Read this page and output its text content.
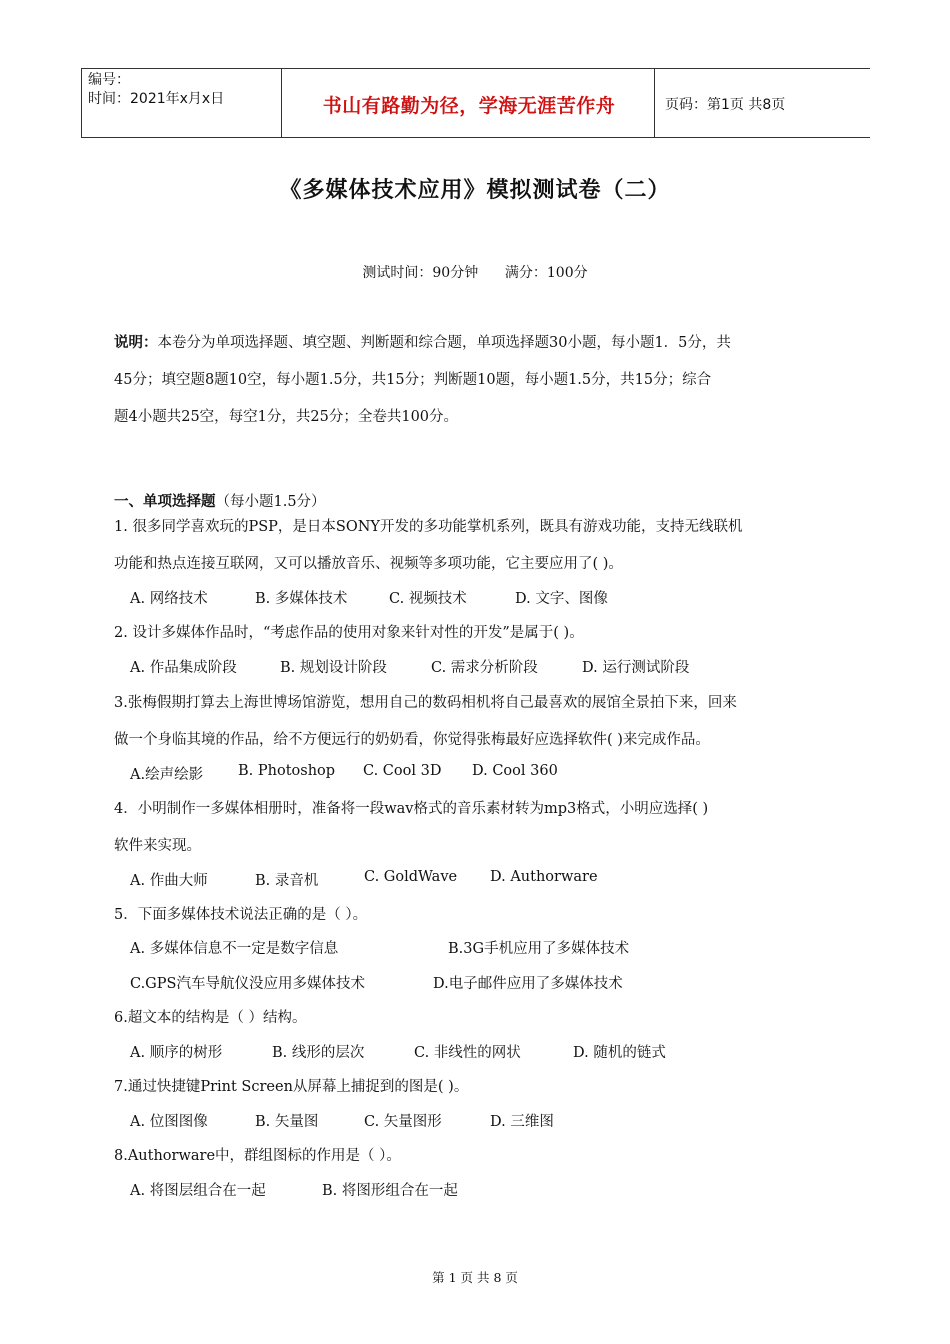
编号：
时间：2021年x月x日	书山有路勤为径，学海无涯苦作舟	页码：第1页 共8页
《多媒体技术应用》模拟测试卷（二）
测试时间：90分钟      满分：100分
说明：本卷分为单项选择题、填空题、判断题和综合题，单项选择题30小题，每小题1．5分，共
45分；填空题8题10空，每小题1.5分，共15分；判断题10题，每小题1.5分，共15分；综合
题4小题共25空，每空1分，共25分；全卷共100分。
一、单项选择题（每小题1.5分）
1. 很多同学喜欢玩的PSP，是日本SONY开发的多功能掌机系列，既具有游戏功能，支持无线联机
功能和热点连接互联网，又可以播放音乐、视频等多项功能，它主要应用了( )。
A. 网络技术	B. 多媒体技术	C. 视频技术	D. 文字、图像
2. 设计多媒体作品时，“考虑作品的使用对象来针对性的开发”是属于( )。
A. 作品集成阶段	B. 规划设计阶段	C. 需求分析阶段	D. 运行测试阶段
3.张梅假期打算去上海世博场馆游览，想用自己的数码相机将自己最喜欢的展馆全景拍下来，回来
做一个身临其境的作品，给不方便远行的奶奶看，你觉得张梅最好应选择软件( )来完成作品。
A.绘声绘影 B. Photoshop C. Cool 3D D. Cool 360
4．小明制作一多媒体相册时，准备将一段wav格式的音乐素材转为mp3格式，小明应选择( )
软件来实现。
A. 作曲大师	B. 录音机	C. GoldWave D. Authorware
5．下面多媒体技术说法正确的是（ ）。
A. 多媒体信息不一定是数字信息	B.3G手机应用了多媒体技术
C.GPS汽车导航仪没应用多媒体技术	D.电子邮件应用了多媒体技术
6.超文本的结构是（ ）结构。
A. 顺序的树形	B. 线形的层次	C. 非线性的网状	D. 随机的链式
7.通过快捷键Print Screen从屏幕上捕捉到的图是( )。
A. 位图图像	B. 矢量图	C. 矢量图形	D. 三维图
8.Authorware中，群组图标的作用是（ ）。
A. 将图层组合在一起	B. 将图形组合在一起
第 1 页 共 8 页
